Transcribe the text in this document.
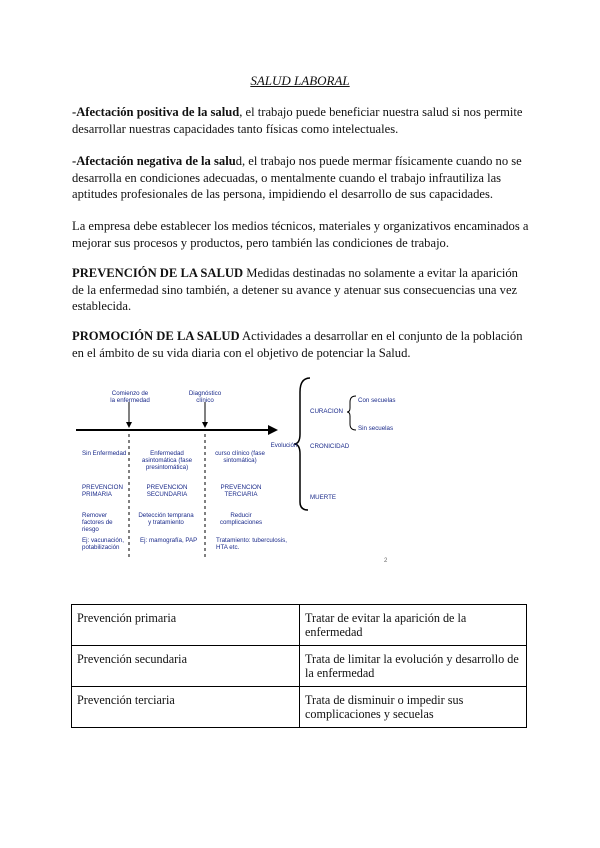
SALUD LABORAL
-Afectación positiva de la salud, el trabajo puede beneficiar nuestra salud si nos permite desarrollar nuestras capacidades tanto físicas como intelectuales.
-Afectación negativa de la salud, el trabajo nos puede mermar físicamente cuando no se desarrolla en condiciones adecuadas, o mentalmente cuando el trabajo infrautiliza las aptitudes profesionales de las persona, impidiendo el desarrollo de sus capacidades.
La empresa debe establecer los medios técnicos, materiales y organizativos encaminados a mejorar sus procesos y productos, pero también las condiciones de trabajo.
PREVENCIÓN DE LA SALUD Medidas destinadas no solamente a evitar la aparición de la enfermedad sino también, a detener su avance y atenuar sus consecuencias una vez establecida.
PROMOCIÓN DE LA SALUD Actividades a desarrollar en el conjunto de la población en el ámbito de su vida diaria con el objetivo de potenciar la Salud.
Comienzo de la enfermedad
Diagnóstico clínico
Evolución
CURACION
Con secuelas
Sin secuelas
CRONICIDAD
MUERTE
Sin Enfermedad	Enfermedad asintomática (fase presintomática)
curso clínico (fase sintomática)
PREVENCION PRIMARIA
PREVENCION SECUNDARIA
PREVENCION TERCIARIA
Remover factores de riesgo
Detección temprana y tratamiento
Reducir complicaciones
Ej: vacunación, potabilización
Ej: mamografía, PAP	Tratamiento: tuberculosis, HTA etc.
2
Prevención primaria	Tratar de evitar la aparición de la enfermedad
Prevención secundaria	Trata de limitar la evolución y desarrollo de la enfermedad
Prevención terciaria	Trata de disminuir o impedir sus complicaciones y secuelas
